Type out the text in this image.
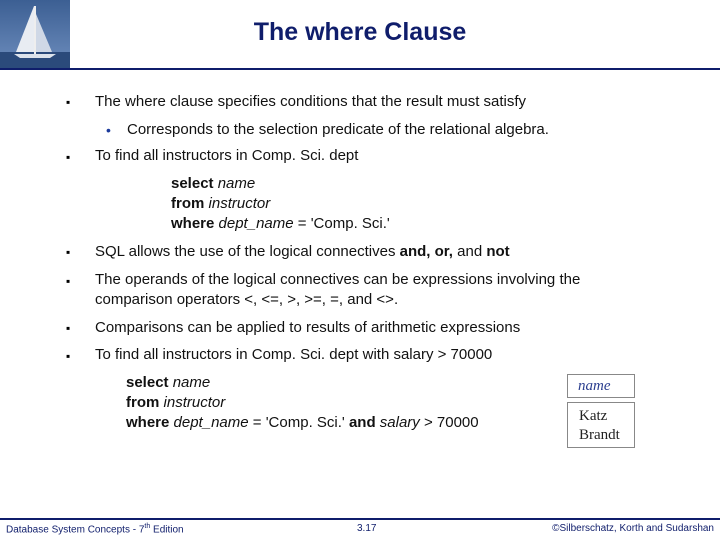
The where Clause
▪ The where clause specifies conditions that the result must satisfy
• Corresponds to the selection predicate of the relational algebra.
▪ To find all instructors in Comp. Sci. dept
select name
from instructor
where dept_name = 'Comp. Sci.'
▪ SQL allows the use of the logical connectives and, or, and not
▪ The operands of the logical connectives can be expressions involving the
comparison operators <, <=, >, >=, =, and <>.
▪ Comparisons can be applied to results of arithmetic expressions
▪ To find all instructors in Comp. Sci. dept with salary > 70000
select name
from instructor
where dept_name = 'Comp. Sci.' and salary > 70000
name
Katz
Brandt
Database System Concepts - 7th Edition	3.17	©Silberschatz, Korth and Sudarshan
